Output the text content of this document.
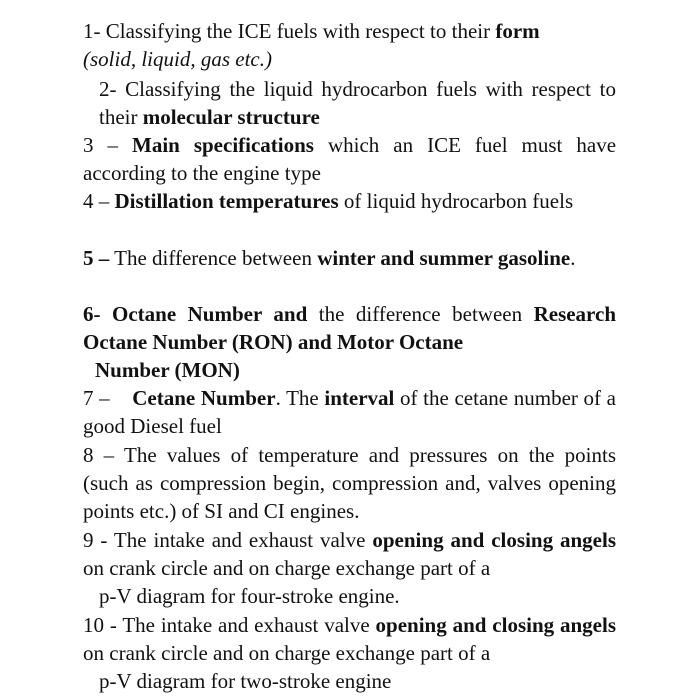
1- Classifying the ICE fuels with respect to their form
(solid, liquid, gas etc.)

2- Classifying the liquid hydrocarbon fuels with respect to their molecular structure

3 – Main specifications which an ICE fuel must have according to the engine type

4 – Distillation temperatures of liquid hydrocarbon fuels

5 – The difference between winter and summer gasoline.

6- Octane Number and the difference between Research Octane Number (RON) and Motor Octane
Number (MON)

7 – Cetane Number. The interval of the cetane number of a good Diesel fuel

8 – The values of temperature and pressures on the points (such as compression begin, compression and, valves opening points etc.) of SI and CI engines.

9 - The intake and exhaust valve opening and closing angels on crank circle and on charge exchange part of a
p-V diagram for four-stroke engine.

10 - The intake and exhaust valve opening and closing angels on crank circle and on charge exchange part of a
p-V diagram for two-stroke engine
